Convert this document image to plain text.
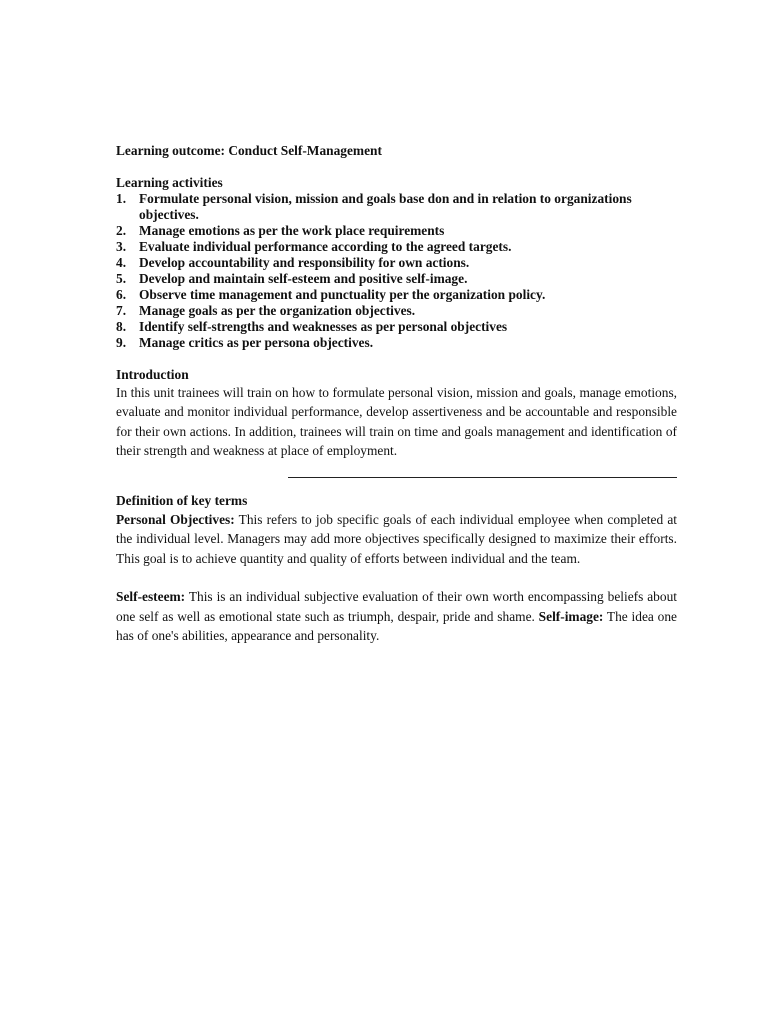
Learning outcome: Conduct Self-Management

Learning activities

1. Formulate personal vision, mission and goals base don and in relation to organizations objectives.
2. Manage emotions as per the work place requirements
3. Evaluate individual performance according to the agreed targets.
4. Develop accountability and responsibility for own actions.
5. Develop and maintain self-esteem and positive self-image.
6. Observe time management and punctuality per the organization policy.
7. Manage goals as per the organization objectives.
8. Identify self-strengths and weaknesses as per personal objectives
9. Manage critics as per persona objectives.

Introduction

In this unit trainees will train on how to formulate personal vision, mission and goals, manage emotions, evaluate and monitor individual performance, develop assertiveness and be accountable and responsible for their own actions. In addition, trainees will train on time and goals management and identification of their strength and weakness at place of employment.

Definition of key terms

Personal Objectives: This refers to job specific goals of each individual employee when completed at the individual level. Managers may add more objectives specifically designed to maximize their efforts. This goal is to achieve quantity and quality of efforts between individual and the team.

Self-esteem: This is an individual subjective evaluation of their own worth encompassing beliefs about one self as well as emotional state such as triumph, despair, pride and shame. Self-image: The idea one has of one's abilities, appearance and personality.
